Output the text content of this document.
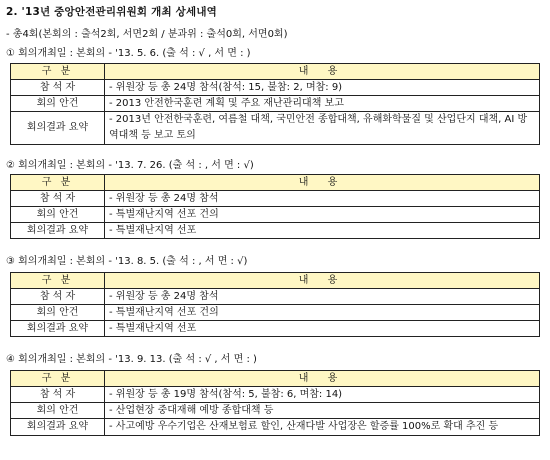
2. '13년 중앙안전관리위원회 개최 상세내역
- 총4회(본회의 : 출석2회, 서면2회 / 분과위 : 출석0회, 서면0회)
① 회의개최일 : 본회의 - '13. 5. 6. (출 석 : √ , 서 면 : )
구 분	내 용
참 석 자	- 위원장 등 총 24명 참석(참석: 15, 불참: 2, 며참: 9)
회의 안건	- 2013 안전한국훈련 계획 및 주요 재난관리대책 보고
회의결과 요약	- 2013년 안전한국훈련, 여름철 대책, 국민안전 종합대책, 유해화학물질 및 산업단지 대책, AI 방역대책 등 보고 토의
② 회의개최일 : 본회의 - '13. 7. 26. (출 석 : , 서 면 : √)
구 분	내 용
참 석 자	- 위원장 등 총 24명 참석
회의 안건	- 특별재난지역 선포 건의
회의결과 요약	- 특별재난지역 선포
③ 회의개최일 : 본회의 - '13. 8. 5. (출 석 : , 서 면 : √)
구 분	내 용
참 석 자	- 위원장 등 총 24명 참석
회의 안건	- 특별재난지역 선포 건의
회의결과 요약	- 특별재난지역 선포
④ 회의개최일 : 본회의 - '13. 9. 13. (출 석 : √ , 서 면 : )
구 분	내 용
참 석 자	- 위원장 등 총 19명 참석(참석: 5, 불참: 6, 며참: 14)
회의 안건	- 산업현장 중대재해 예방 종합대책 등
회의결과 요약	- 사고예방 우수기업은 산재보험료 할인, 산재다발 사업장은 할증률 100%로 확대 추진 등
